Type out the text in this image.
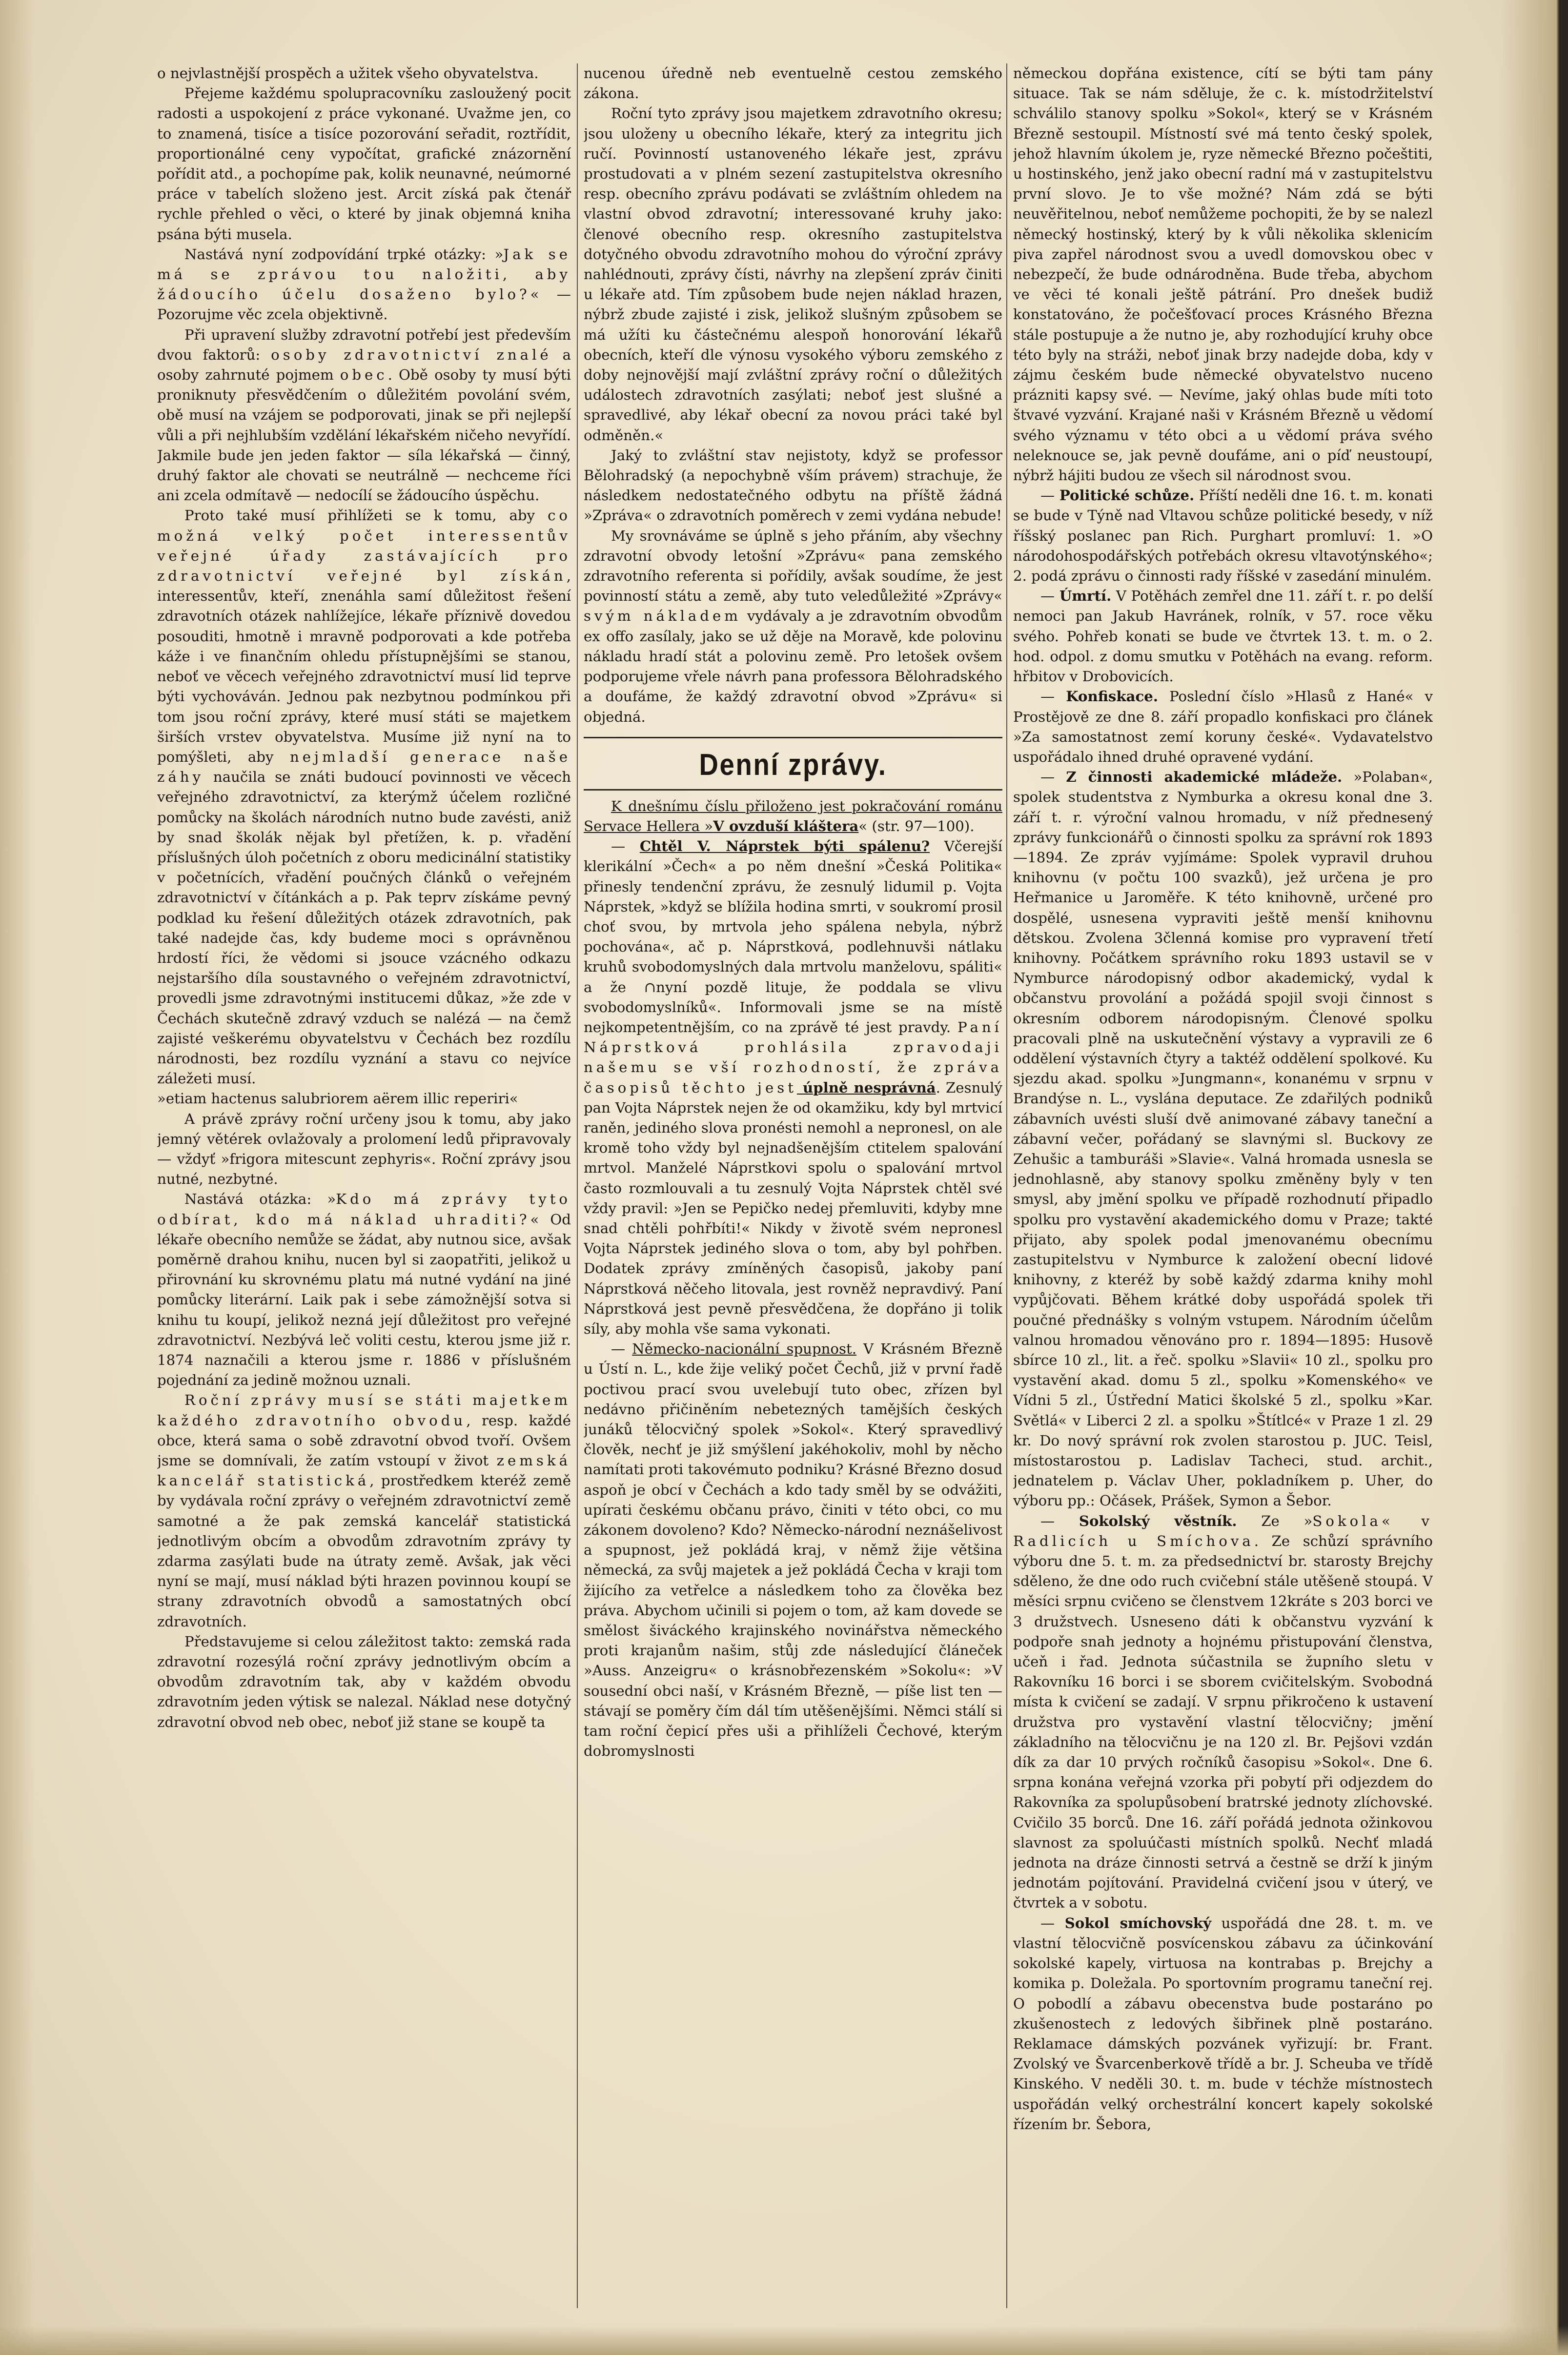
o nejvlastnější prospěch a užitek všeho obyvatelstva.

Přejeme každému spolupracovníku zasloužený pocit radosti a uspokojení z práce vykonané. Uvažme jen, co to znamená, tisíce a tisíce pozorování seřadit, roztřídit, proportionálné ceny vypočítat, grafické znázornění pořídit atd., a pochopíme pak, kolik neunavné, neúmorné práce v tabelích složeno jest. Arcit získá pak čtenář rychle přehled o věci, o které by jinak objemná kniha psána býti musela.

Nastává nyní zodpovídání trpké otázky: »Jak se má se zprávou tou naložiti, aby žádoucího účelu dosaženo bylo?« — Pozorujme věc zcela objektivně.

Při upravení služby zdravotní potřebí jest především dvou faktorů: osoby zdravotnictví znalé a osoby zahrnuté pojmem obec. Obě osoby ty musí býti proniknuty přesvědčením o důležitém povolání svém, obě musí na vzájem se podporovati, jinak se při nejlepší vůli a při nejhlubším vzdělání lékařském ničeho nevyřídí. Jakmile bude jen jeden faktor — síla lékařská — činný, druhý faktor ale chovati se neutrálně — nechceme říci ani zcela odmítavě — nedocílí se žádoucího úspěchu.

Proto také musí přihlížeti se k tomu, aby co možná velký počet interessentův veřejné úřady zastávajících pro zdravotnictví veřejné byl získán, interessentův, kteří, znenáhla samí důležitost řešení zdravotních otázek nahlížejíce, lékaře příznivě dovedou posouditi, hmotně i mravně podporovati a kde potřeba káže i ve finančním ohledu přístupnějšími se stanou, neboť ve věcech veřejného zdravotnictví musí lid teprve býti vychováván. Jednou pak nezbytnou podmínkou při tom jsou roční zprávy, které musí státi se majetkem širších vrstev obyvatelstva. Musíme již nyní na to pomýšleti, aby nejmladší generace naše záhy naučila se znáti budoucí povinnosti ve věcech veřejného zdravotnictví, za kterýmž účelem rozličné pomůcky na školách národních nutno bude zavésti, aniž by snad školák nějak byl přetížen, k. p. vřadění příslušných úloh početních z oboru medicinální statistiky v početnících, vřadění poučných článků o veřejném zdravotnictví v čítánkách a p. Pak teprv získáme pevný podklad ku řešení důležitých otázek zdravotních, pak také nadejde čas, kdy budeme moci s oprávněnou hrdostí říci, že vědomi si jsouce vzácného odkazu nejstaršího díla soustavného o veřejném zdravotnictví, provedli jsme zdravotnými institucemi důkaz, »že zde v Čechách skutečně zdravý vzduch se nalézá — na čemž zajisté veškerému obyvatelstvu v Čechách bez rozdílu národnosti, bez rozdílu vyznání a stavu co nejvíce záležeti musí.

»etiam hactenus salubriorem aërem illic reperiri«

A právě zprávy roční určeny jsou k tomu, aby jako jemný větérek ovlažovaly a prolomení ledů připravovaly — vždyť »frigora mitescunt zephyris«. Roční zprávy jsou nutné, nezbytné.

Nastává otázka: »Kdo má zprávy tyto odbírat, kdo má náklad uhraditi?« Od lékaře obecního nemůže se žádat, aby nutnou sice, avšak poměrně drahou knihu, nucen byl si zaopatřiti, jelikož u přirovnání ku skrovnému platu má nutné vydání na jiné pomůcky literární. Laik pak i sebe zámožnější sotva si knihu tu koupí, jelikož nezná její důležitost pro veřejné zdravotnictví. Nezbývá leč voliti cestu, kterou jsme již r. 1874 naznačili a kterou jsme r. 1886 v příslušném pojednání za jedině možnou uznali.

Roční zprávy musí se státi majetkem každého zdravotního obvodu, resp. každé obce, která sama o sobě zdravotní obvod tvoří. Ovšem jsme se domnívali, že zatím vstoupí v život zemská kancelář statistická, prostředkem kteréž země by vydávala roční zprávy o veřejném zdravotnictví země samotné a že pak zemská kancelář statistická jednotlivým obcím a obvodům zdravotním zprávy ty zdarma zasýlati bude na útraty země. Avšak, jak věci nyní se mají, musí náklad býti hrazen povinnou koupí se strany zdravotních obvodů a samostatných obcí zdravotních.

Představujeme si celou záležitost takto: zemská rada zdravotní rozesýlá roční zprávy jednotlivým obcím a obvodům zdravotním tak, aby v každém obvodu zdravotním jeden výtisk se nalezal. Náklad nese dotyčný zdravotní obvod neb obec, neboť již stane se koupě ta

nucenou úředně neb eventuelně cestou zemského zákona.

Roční tyto zprávy jsou majetkem zdravotního okresu; jsou uloženy u obecního lékaře, který za integritu jich ručí. Povinností ustanoveného lékaře jest, zprávu prostudovati a v plném sezení zastupitelstva okresního resp. obecního zprávu podávati se zvláštním ohledem na vlastní obvod zdravotní; interessované kruhy jako: členové obecního resp. okresního zastupitelstva dotyčného obvodu zdravotního mohou do výroční zprávy nahlédnouti, zprávy čísti, návrhy na zlepšení zpráv činiti u lékaře atd. Tím způsobem bude nejen náklad hrazen, nýbrž zbude zajisté i zisk, jelikož slušným způsobem se má užíti ku částečnému alespoň honorování lékařů obecních, kteří dle výnosu vysokého výboru zemského z doby nejnovější mají zvláštní zprávy roční o důležitých událostech zdravotních zasýlati; neboť jest slušné a spravedlivé, aby lékař obecní za novou práci také byl odměněn.«

Jaký to zvláštní stav nejistoty, když se professor Bělohradský (a nepochybně vším právem) strachuje, že následkem nedostatečného odbytu na příště žádná »Zpráva« o zdravotních poměrech v zemi vydána nebude!

My srovnáváme se úplně s jeho přáním, aby všechny zdravotní obvody letošní »Zprávu« pana zemského zdravotního referenta si pořídily, avšak soudíme, že jest povinností státu a země, aby tuto veledůležité »Zprávy« svým nákladem vydávaly a je zdravotním obvodům ex offo zasílaly, jako se už děje na Moravě, kde polovinu nákladu hradí stát a polovinu země. Pro letošek ovšem podporujeme vřele návrh pana professora Bělohradského a doufáme, že každý zdravotní obvod »Zprávu« si objedná.

Denní zprávy.

K dnešnímu číslu přiloženo jest pokračování románu Servace Hellera »V ovzduší kláštera« (str. 97—100).

— Chtěl V. Náprstek býti spálenu? Včerejší klerikální »Čech« a po něm dnešní »Česká Politika« přinesly tendenční zprávu, že zesnulý lidumil p. Vojta Náprstek, »když se blížila hodina smrti, v soukromí prosil choť svou, by mrtvola jeho spálena nebyla, nýbrž pochována«, ač p. Náprstková, podlehnuvši nátlaku kruhů svobodomyslných dala mrtvolu manželovu, spáliti« a že ∩nyní pozdě lituje, že poddala se vlivu svobodomyslníků«. Informovali jsme se na místě nejkompetentnějším, co na zprávě té jest pravdy. Paní Náprstková prohlásila zpravodaji našemu se vší rozhodností, že zpráva časopisů těchto jest úplně nesprávná. Zesnulý pan Vojta Náprstek nejen že od okamžiku, kdy byl mrtvicí raněn, jediného slova pronésti nemohl a nepronesl, on ale kromě toho vždy byl nejnadšenějším ctitelem spalování mrtvol. Manželé Náprstkovi spolu o spalování mrtvol často rozmlouvali a tu zesnulý Vojta Náprstek chtěl své vždy pravil: »Jen se Pepičko nedej přemluviti, kdyby mne snad chtěli pohřbíti!« Nikdy v životě svém nepronesl Vojta Náprstek jediného slova o tom, aby byl pohřben. Dodatek zprávy zmíněných časopisů, jakoby paní Náprstková něčeho litovala, jest rovněž nepravdivý. Paní Náprstková jest pevně přesvědčena, že dopřáno ji tolik síly, aby mohla vše sama vykonati.

— Německo-nacionální spupnost. V Krásném Březně u Ústí n. L., kde žije veliký počet Čechů, již v první řadě poctivou prací svou uvelebují tuto obec, zřízen byl nedávno přičiněním nebetezných tamějších českých junáků tělocvičný spolek »Sokol«. Který spravedlivý člověk, nechť je již smýšlení jakéhokoliv, mohl by něcho namítati proti takovémuto podniku? Krásné Březno dosud aspoň je obcí v Čechách a kdo tady směl by se odvážiti, upírati českému občanu právo, činiti v této obci, co mu zákonem dovoleno? Kdo? Německo-národní neznášelivost a spupnost, jež pokládá kraj, v němž žije většina německá, za svůj majetek a jež pokládá Čecha v kraji tom žijícího za vetřelce a následkem toho za člověka bez práva. Abychom učinili si pojem o tom, až kam dovede se smělost šiváckého krajinského novinářstva německého proti krajanům našim, stůj zde následující článeček »Auss. Anzeigru« o krásnobřezenském »Sokolu«: »V sousední obci naší, v Krásném Březně, — píše list ten — stávají se poměry čím dál tím utěšenějšími. Němci stálí si tam roční čepicí přes uši a přihlíželi Čechové, kterým dobromyslnosti

německou dopřána existence, cítí se býti tam pány situace. Tak se nám sděluje, že c. k. místodržitelství schválilo stanovy spolku »Sokol«, který se v Krásném Březně sestoupil. Místností své má tento český spolek, jehož hlavním úkolem je, ryze německé Březno počeštiti, u hostinského, jenž jako obecní radní má v zastupitelstvu první slovo. Je to vše možné? Nám zdá se býti neuvěřitelnou, neboť nemůžeme pochopiti, že by se nalezl německý hostinský, který by k vůli několika sklenicím piva zapřel národnost svou a uvedl domovskou obec v nebezpečí, že bude odnárodněna. Bude třeba, abychom ve věci té konali ještě pátrání. Pro dnešek budiž konstatováno, že počešťovací proces Krásného Března stále postupuje a že nutno je, aby rozhodující kruhy obce této byly na stráži, neboť jinak brzy nadejde doba, kdy v zájmu českém bude německé obyvatelstvo nucenо prázniti kapsy své. — Nevíme, jaký ohlas bude míti toto štvavé vyzvání. Krajané naši v Krásném Březně u vědomí svého významu v této obci a u vědomí práva svého neleknouce se, jak pevně doufáme, ani o píď neustoupí, nýbrž hájiti budou ze všech sil národnost svou.

— Politické schůze. Příští neděli dne 16. t. m. konati se bude v Týně nad Vltavou schůze politické besedy, v níž říšský poslanec pan Rich. Purghart promluví: 1. »O národohospodářských potřebách okresu vltavotýnského«; 2. podá zprávu o činnosti rady říšské v zasedání minulém.

— Úmrtí. V Potěhách zemřel dne 11. září t. r. po delší nemoci pan Jakub Havránek, rolník, v 57. roce věku svého. Pohřeb konati se bude ve čtvrtek 13. t. m. o 2. hod. odpol. z domu smutku v Potěhách na evang. reform. hřbitov v Drobovicích.

— Konfiskace. Poslední číslo »Hlasů z Hané« v Prostějově ze dne 8. září propadlo konfiskaci pro článek »Za samostatnost zemí koruny české«. Vydavatelstvo uspořádalo ihned druhé opravené vydání.

— Z činnosti akademické mládeže. »Polaban«, spolek studentstva z Nymburka a okresu konal dne 3. září t. r. výroční valnou hromadu, v níž přednesený zprávy funkcionářů o činnosti spolku za správní rok 1893—1894. Ze zpráv vyjímáme: Spolek vypravil druhou knihovnu (v počtu 100 svazků), jež určena je pro Heřmanice u Jaroměře. K této knihovně, určené pro dospělé, usnesena vypraviti ještě menší knihovnu dětskou. Zvolena 3členná komise pro vypravení třetí knihovny. Počátkem správního roku 1893 ustavil se v Nymburce národopisný odbor akademický, vydal k občanstvu provolání a požádá spojil svoji činnost s okresním odborem národopisným. Členové spolku pracovali plně na uskutečnění výstavy a vypravili ze 6 oddělení výstavních čtyry a taktéž oddělení spolkové. Ku sjezdu akad. spolku »Jungmann«, konanému v srpnu v Brandýse n. L., vyslána deputace. Ze zdařilých podniků zábavních uvésti sluší dvě animované zábavy taneční a zábavní večer, pořádaný se slavnými sl. Buckovy ze Zehušic a tamburáši »Slavie«. Valná hromada usnesla se jednohlasně, aby stanovy spolku změněny byly v ten smysl, aby jmění spolku ve případě rozhodnutí připadlo spolku pro vystavění akademického domu v Praze; takté přijato, aby spolek podal jmenovanému obecnímu zastupitelstvu v Nymburce k založení obecní lidové knihovny, z kteréž by sobě každý zdarma knihy mohl vypůjčovati. Během krátké doby uspořádá spolek tři poučné přednášky s volným vstupem. Národním účelům valnou hromadou věnováno pro r. 1894—1895: Husově sbírce 10 zl., lit. a řeč. spolku »Slavii« 10 zl., spolku pro vystavění akad. domu 5 zl., spolku »Komenského« ve Vídni 5 zl., Ústřední Matici školské 5 zl., spolku »Kar. Světlá« v Liberci 2 zl. a spolku »Štítlcé« v Praze 1 zl. 29 kr. Do nový správní rok zvolen starostou p. JUC. Teisl, místostarostou p. Ladislav Tacheci, stud. archit., jednatelem p. Václav Uher, pokladníkem p. Uher, do výboru pp.: Očásek, Prášek, Symon a Šebor.

— Sokolský věstník. Ze »Sokola« v Radlicích u Smíchova. Ze schůzí správního výboru dne 5. t. m. za předsednictví br. starosty Brejchy sděleno, že dne odo ruch cvičební stále utěšeně stoupá. V měsíci srpnu cvičeno se členstvem 12kráte s 203 borci ve 3 družstvech. Usneseno dáti k občanstvu vyzvání k podpoře snah jednoty a hojnému přistupování členstva, učeň i řad. Jednota súčastnila se župního sletu v Rakovníku 16 borci i se sborem cvičitelským. Svobodná místa k cvičení se zadají. V srpnu přikročeno k ustavení družstva pro vystavění vlastní tělocvičny; jmění základního na tělocvičnu je na 120 zl. Br. Pejšovi vzdán dík za dar 10 prvých ročníků časopisu »Sokol«. Dne 6. srpna konána veřejná vzorka při pobytí při odjezdem do Rakovníka za spolupůsobení bratrské jednoty zlíchovské. Cvičilo 35 borců. Dne 16. září pořádá jednota ožinkovou slavnost za spoluúčasti místních spolků. Nechť mladá jednota na dráze činnosti setrvá a čestně se drží k jiným jednotám pojítování. Pravidelná cvičení jsou v úterý, ve čtvrtek a v sobotu.

— Sokol smíchovský uspořádá dne 28. t. m. ve vlastní tělocvičně posvícenskou zábavu za účinkování sokolské kapely, virtuosa na kontrabas p. Brejchy a komika p. Doležala. Po sportovním programu taneční rej. O pobodlí a zábavu obecenstva bude postaráno po zkušenostech z ledových šibřinek plně postaráno. Reklamace dámských pozvánek vyřizují: br. Frant. Zvolský ve Švarcenberkově třídě a br. J. Scheuba ve třídě Kinského. V neděli 30. t. m. bude v téchže místnostech uspořádán velký orchestrální koncert kapely sokolské řízením br. Šebora,
